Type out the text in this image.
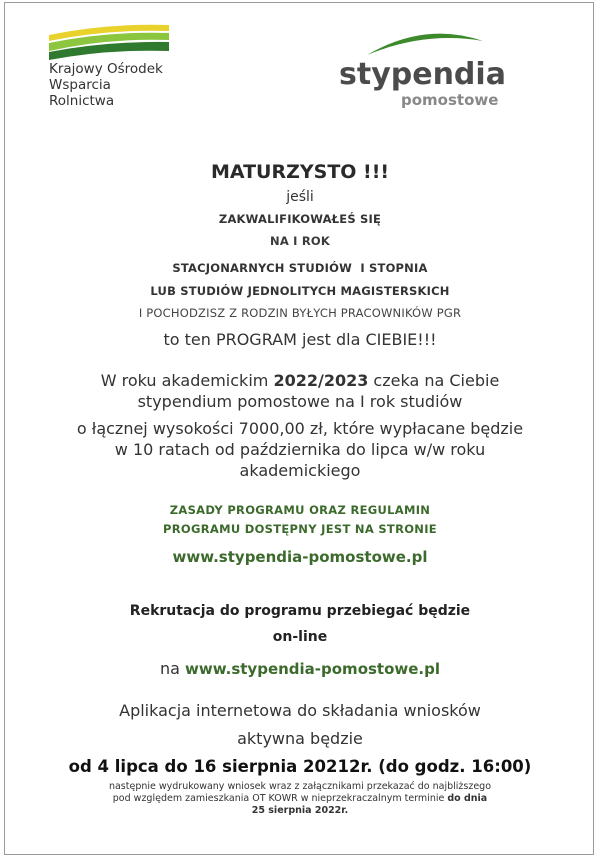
Krajowy Ośrodek
Wsparcia Rolnictwa
stypendia
pomostowe
MATURZYSTO !!!
jeśli
ZAKWALIFIKOWAŁEŚ SIĘ
NA I ROK
STACJONARNYCH STUDIÓW  I STOPNIA
LUB STUDIÓW JEDNOLITYCH MAGISTERSKICH
I POCHODZISZ Z RODZIN BYŁYCH PRACOWNIKÓW PGR
to ten PROGRAM jest dla CIEBIE!!!
W roku akademickim 2022/2023 czeka na Ciebie
stypendium pomostowe na I rok studiów
o łącznej wysokości 7000,00 zł, które wypłacane będzie
w 10 ratach od października do lipca w/w roku
akademickiego
ZASADY PROGRAMU ORAZ REGULAMIN
PROGRAMU DOSTĘPNY JEST NA STRONIE
www.stypendia-pomostowe.pl
Rekrutacja do programu przebiegać będzie
on-line
na www.stypendia-pomostowe.pl
Aplikacja internetowa do składania wniosków
aktywna będzie
od 4 lipca do 16 sierpnia 20212r. (do godz. 16:00)
następnie wydrukowany wniosek wraz z załącznikami przekazać do najbliższego
pod względem zamieszkania OT KOWR w nieprzekraczalnym terminie do dnia
25 sierpnia 2022r.
